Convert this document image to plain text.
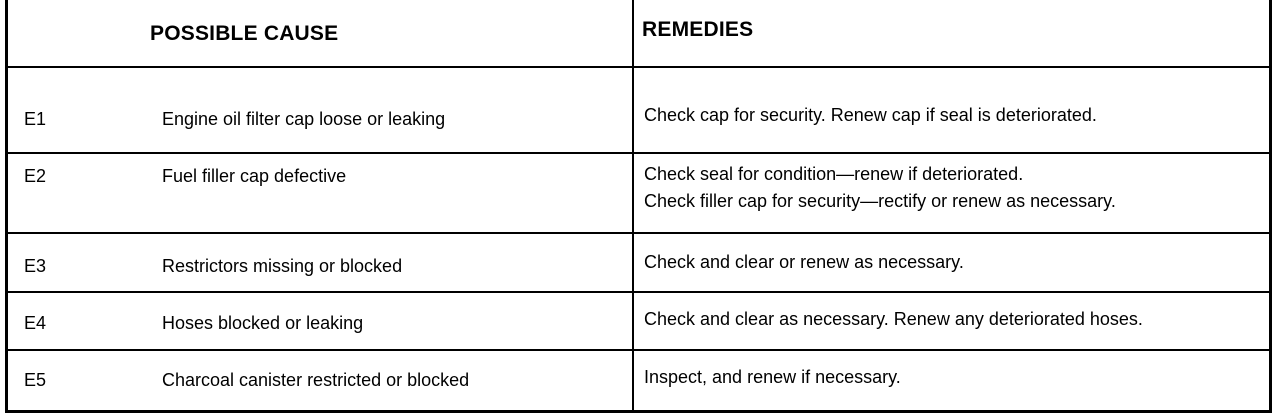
POSSIBLE CAUSE	REMEDIES
E1	Engine oil filter cap loose or leaking	Check cap for security. Renew cap if seal is deteriorated.
E2	Fuel filler cap defective	Check seal for condition—renew if deteriorated.
Check filler cap for security—rectify or renew as necessary.
E3	Restrictors missing or blocked	Check and clear or renew as necessary.
E4	Hoses blocked or leaking	Check and clear as necessary. Renew any deteriorated hoses.
E5	Charcoal canister restricted or blocked	Inspect, and renew if necessary.
